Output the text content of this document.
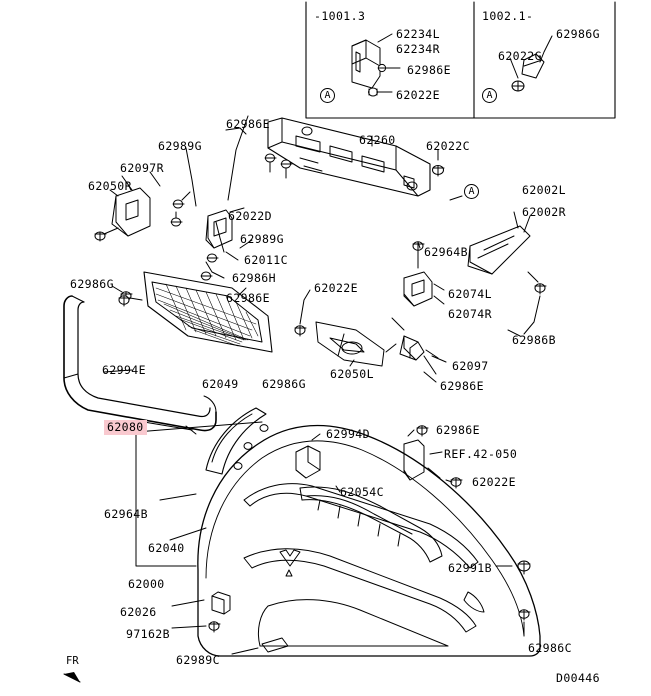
A	A
A
-1001.3	1002.1-
62234L
62234R
62986G
62022G
62986E
62022E
62986E
62260	62022C
62989G
62097R
62050R	62002L
62002R
62022D
62989G
62964B
62011C
62986H
62986G	62022E	62074L
62986E
62074R
62986B
62994E
62049 62986G
62097
62050L
62986E
62080	62994D	62986E
REF.42-050
62054C
62022E
62964B
62040
62991B
62000
62026
97162B
62989C
62986C
D00446
FR
